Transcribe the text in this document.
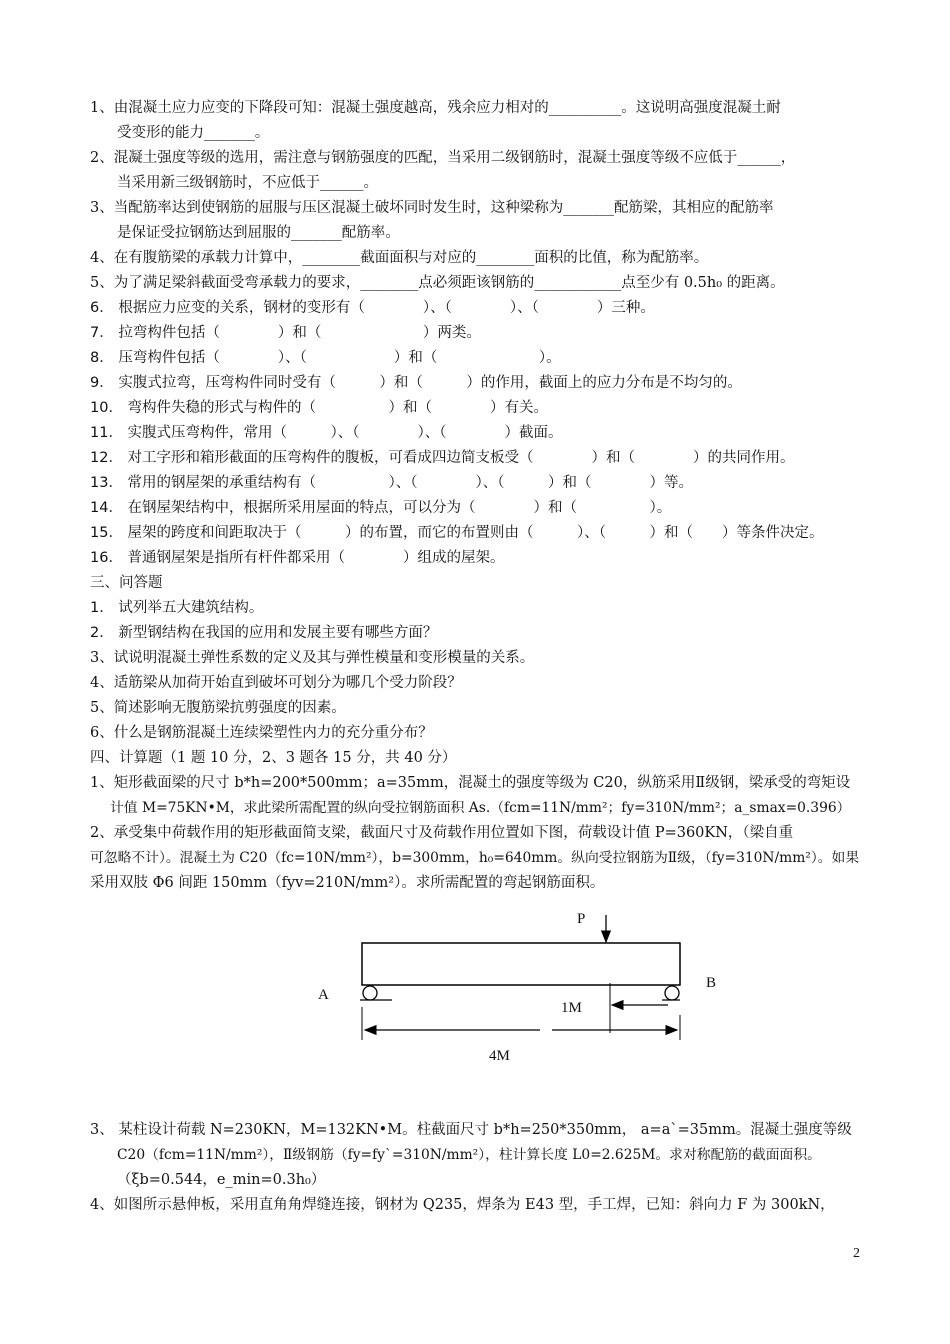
1、由混凝土应力应变的下降段可知：混凝土强度越高，残余应力相对的__________。这说明高强度混凝土耐
受变形的能力_______。
2、混凝土强度等级的选用，需注意与钢筋强度的匹配，当采用二级钢筋时，混凝土强度等级不应低于______，
当采用新三级钢筋时，不应低于______。
3、当配筋率达到使钢筋的屈服与压区混凝土破坏同时发生时，这种梁称为_______配筋梁，其相应的配筋率
是保证受拉钢筋达到屈服的_______配筋率。
4、在有腹筋梁的承载力计算中，________截面面积与对应的________面积的比值，称为配筋率。
5、为了满足梁斜截面受弯承载力的要求，________点必须距该钢筋的____________点至少有 0.5h₀ 的距离。
6． 根据应力应变的关系，钢材的变形有（　　　　）、（　　　　）、（　　　　）三种。
7． 拉弯构件包括（　　　　）和（　　　　　　　）两类。
8． 压弯构件包括（　　　　）、（　　　　　　）和（　　　　　　　）。
9． 实腹式拉弯，压弯构件同时受有（　　　）和（　　　）的作用，截面上的应力分布是不均匀的。
10． 弯构件失稳的形式与构件的（　　　　　）和（　　　　）有关。
11． 实腹式压弯构件，常用（　　　）、（　　　　）、（　　　　）截面。
12． 对工字形和箱形截面的压弯构件的腹板，可看成四边简支板受（　　　　）和（　　　　）的共同作用。
13． 常用的钢屋架的承重结构有（　　　　　）、（　　　　）、（　　　）和（　　　　）等。
14． 在钢屋架结构中，根据所采用屋面的特点，可以分为（　　　　）和（　　　　　）。
15． 屋架的跨度和间距取决于（　　　）的布置，而它的布置则由（　　　）、（　　　）和（　　）等条件决定。
16． 普通钢屋架是指所有杆件都采用（　　　　）组成的屋架。
三、问答题
1． 试列举五大建筑结构。
2． 新型钢结构在我国的应用和发展主要有哪些方面？
3、试说明混凝土弹性系数的定义及其与弹性模量和变形模量的关系。
4、适筋梁从加荷开始直到破坏可划分为哪几个受力阶段？
5、简述影响无腹筋梁抗剪强度的因素。
6、什么是钢筋混凝土连续梁塑性内力的充分重分布？
四、计算题（1 题 10 分，2、3 题各 15 分，共 40 分）
1、矩形截面梁的尺寸 b*h=200*500mm；a=35mm，混凝土的强度等级为 C20，纵筋采用Ⅱ级钢，梁承受的弯矩设
计值 M=75KN•M，求此梁所需配置的纵向受拉钢筋面积 As.（fcm=11N/mm²；fy=310N/mm²；a_smax=0.396）
2、承受集中荷载作用的矩形截面简支梁，截面尺寸及荷载作用位置如下图，荷载设计值 P=360KN，（梁自重
可忽略不计）。混凝土为 C20（fc=10N/mm²），b=300mm，h₀=640mm。纵向受拉钢筋为Ⅱ级，（fy=310N/mm²）。如果
采用双肢 Φ6 间距 150mm（fyv=210N/mm²）。求所需配置的弯起钢筋面积。
P
A
B
1M
4M
3、 某柱设计荷载 N=230KN，M=132KN•M。柱截面尺寸 b*h=250*350mm， a=a`=35mm。混凝土强度等级
C20（fcm=11N/mm²），Ⅱ级钢筋（fy=fy`=310N/mm²），柱计算长度 L0=2.625M。求对称配筋的截面面积。
（ξb=0.544，e_min=0.3h₀）
4、如图所示悬伸板，采用直角角焊缝连接，钢材为 Q235，焊条为 E43 型，手工焊，已知：斜向力 F 为 300kN，
2
